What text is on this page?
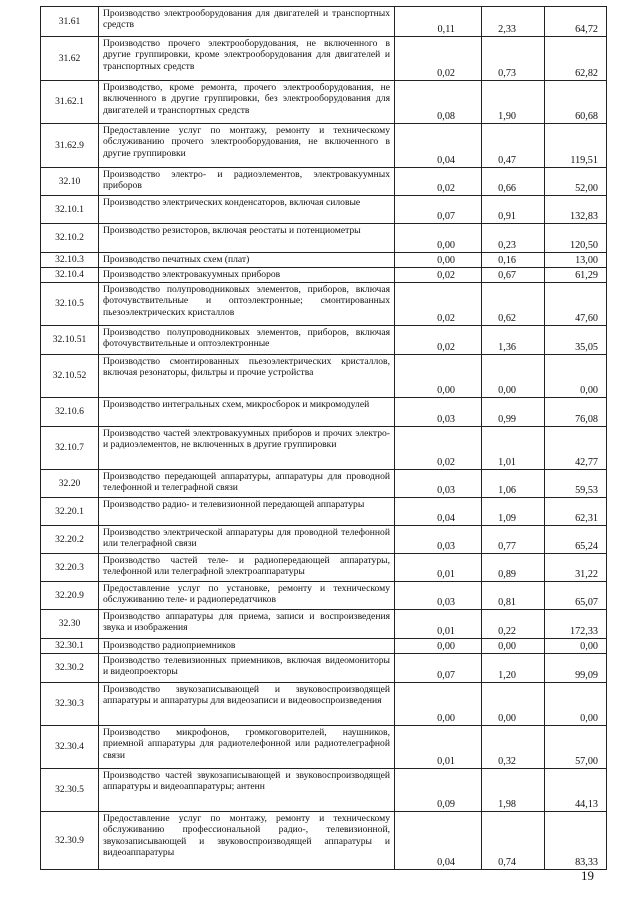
31.61	Производство электрооборудования для двигателей и транспортных средств	0,11	2,33	64,72
31.62	Производство прочего электрооборудования, не включенного в другие группировки, кроме электрооборудования для двигателей и транспортных средств	0,02	0,73	62,82
31.62.1	Производство, кроме ремонта, прочего электрооборудования, не включенного в другие группировки, без электрооборудования для двигателей и транспортных средств	0,08	1,90	60,68
31.62.9	Предоставление услуг по монтажу, ремонту и техническому обслуживанию прочего электрооборудования, не включенного в другие группировки	0,04	0,47	119,51
32.10	Производство электро- и радиоэлементов, электровакуумных приборов	0,02	0,66	52,00
32.10.1	Производство электрических конденсаторов, включая силовые	0,07	0,91	132,83
32.10.2	Производство резисторов, включая реостаты и потенциометры	0,00	0,23	120,50
32.10.3	Производство печатных схем (плат)	0,00	0,16	13,00
32.10.4	Производство электровакуумных приборов	0,02	0,67	61,29
32.10.5	Производство полупроводниковых элементов, приборов, включая фоточувствительные и оптоэлектронные; смонтированных пьезоэлектрических кристаллов	0,02	0,62	47,60
32.10.51	Производство полупроводниковых элементов, приборов, включая фоточувствительные и оптоэлектронные	0,02	1,36	35,05
32.10.52	Производство смонтированных пьезоэлектрических кристаллов, включая резонаторы, фильтры и прочие устройства	0,00	0,00	0,00
32.10.6	Производство интегральных схем, микросборок и микромодулей	0,03	0,99	76,08
32.10.7	Производство частей электровакуумных приборов и прочих электро- и радиоэлементов, не включенных в другие группировки	0,02	1,01	42,77
32.20	Производство передающей аппаратуры, аппаратуры для проводной телефонной и телеграфной связи	0,03	1,06	59,53
32.20.1	Производство радио- и телевизионной передающей аппаратуры	0,04	1,09	62,31
32.20.2	Производство электрической аппаратуры для проводной телефонной или телеграфной связи	0,03	0,77	65,24
32.20.3	Производство частей теле- и радиопередающей аппаратуры, телефонной или телеграфной электроаппаратуры	0,01	0,89	31,22
32.20.9	Предоставление услуг по установке, ремонту и техническому обслуживанию теле- и радиопередатчиков	0,03	0,81	65,07
32.30	Производство аппаратуры для приема, записи и воспроизведения звука и изображения	0,01	0,22	172,33
32.30.1	Производство радиоприемников	0,00	0,00	0,00
32.30.2	Производство телевизионных приемников, включая видеомониторы и видеопроекторы	0,07	1,20	99,09
32.30.3	Производство звукозаписывающей и звуковоспроизводящей аппаратуры и аппаратуры для видеозаписи и видеовоспроизведения	0,00	0,00	0,00
32.30.4	Производство микрофонов, громкоговорителей, наушников, приемной аппаратуры для радиотелефонной или радиотелеграфной связи	0,01	0,32	57,00
32.30.5	Производство частей звукозаписывающей и звуковоспроизводящей аппаратуры и видеоаппаратуры; антенн	0,09	1,98	44,13
32.30.9	Предоставление услуг по монтажу, ремонту и техническому обслуживанию профессиональной радио-, телевизионной, звукозаписывающей и звуковоспроизводящей аппаратуры и видеоаппаратуры	0,04	0,74	83,33
19
